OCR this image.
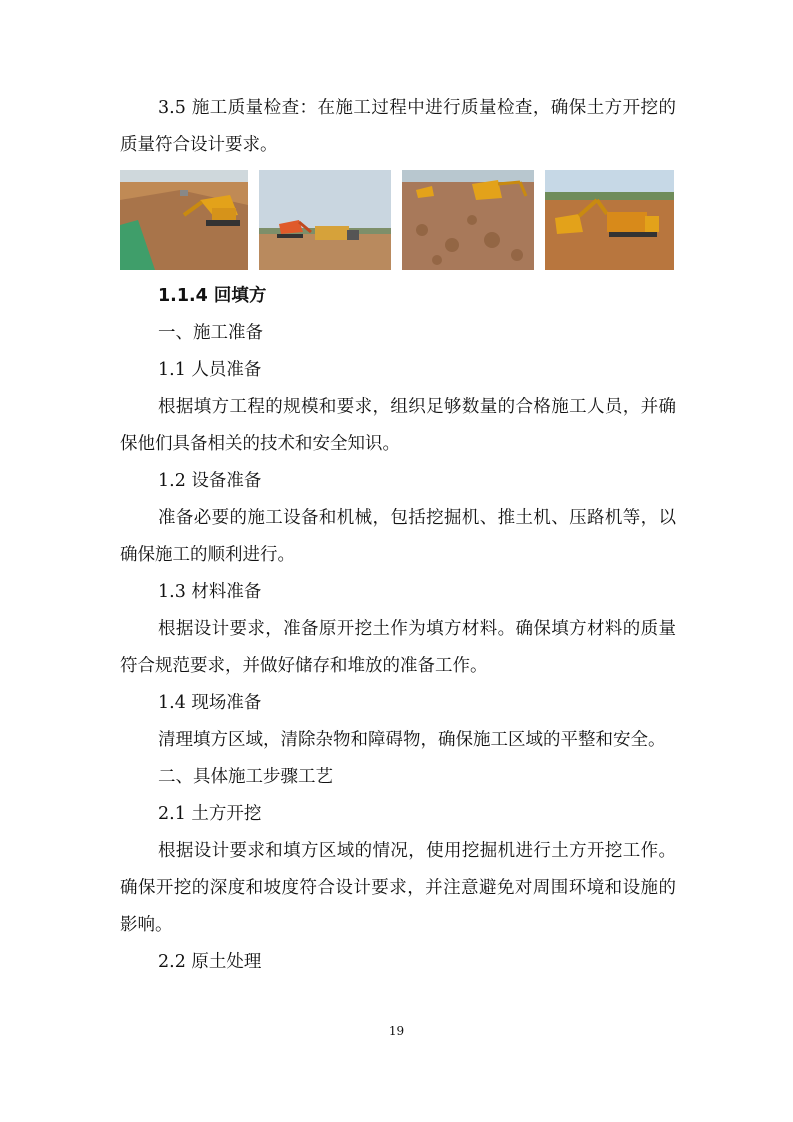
3.5 施工质量检查：在施工过程中进行质量检查，确保土方开挖的质量符合设计要求。

1.1.4 回填方

一、施工准备

1.1 人员准备

根据填方工程的规模和要求，组织足够数量的合格施工人员，并确保他们具备相关的技术和安全知识。

1.2 设备准备

准备必要的施工设备和机械，包括挖掘机、推土机、压路机等，以确保施工的顺利进行。

1.3 材料准备

根据设计要求，准备原开挖土作为填方材料。确保填方材料的质量符合规范要求，并做好储存和堆放的准备工作。

1.4 现场准备

清理填方区域，清除杂物和障碍物，确保施工区域的平整和安全。

二、具体施工步骤工艺

2.1 土方开挖

根据设计要求和填方区域的情况，使用挖掘机进行土方开挖工作。确保开挖的深度和坡度符合设计要求，并注意避免对周围环境和设施的影响。

2.2 原土处理

19
